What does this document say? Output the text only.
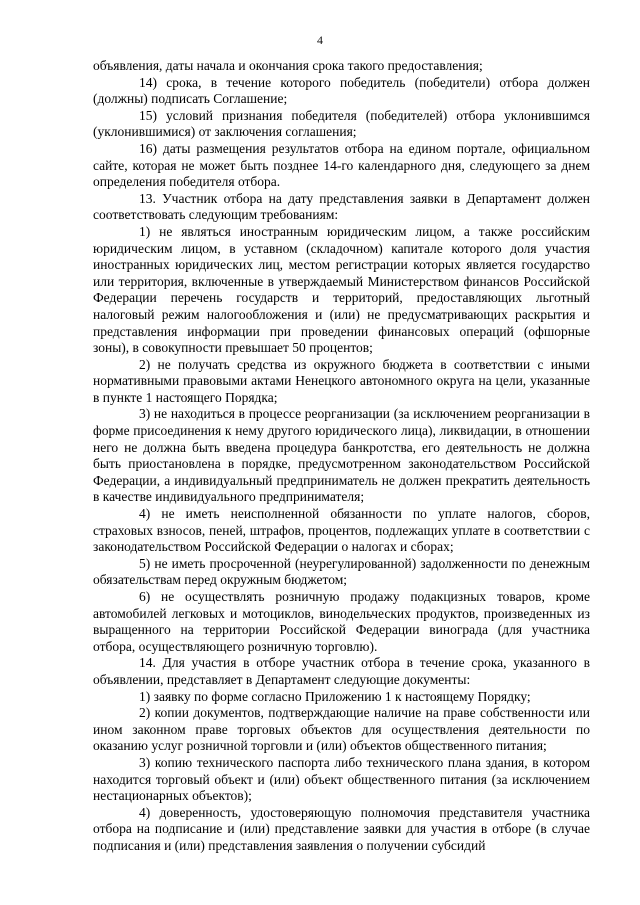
4

объявления, даты начала и окончания срока такого предоставления;

14) срока, в течение которого победитель (победители) отбора должен (должны) подписать Соглашение;

15) условий признания победителя (победителей) отбора уклонившимся (уклонившимися) от заключения соглашения;

16) даты размещения результатов отбора на едином портале, официальном сайте, которая не может быть позднее 14-го календарного дня, следующего за днем определения победителя отбора.

13. Участник отбора на дату представления заявки в Департамент должен соответствовать следующим требованиям:

1) не являться иностранным юридическим лицом, а также российским юридическим лицом, в уставном (складочном) капитале которого доля участия иностранных юридических лиц, местом регистрации которых является государство или территория, включенные в утверждаемый Министерством финансов Российской Федерации перечень государств и территорий, предоставляющих льготный налоговый режим налогообложения и (или) не предусматривающих раскрытия и представления информации при проведении финансовых операций (офшорные зоны), в совокупности превышает 50 процентов;

2) не получать средства из окружного бюджета в соответствии с иными нормативными правовыми актами Ненецкого автономного округа на цели, указанные в пункте 1 настоящего Порядка;

3) не находиться в процессе реорганизации (за исключением реорганизации в форме присоединения к нему другого юридического лица), ликвидации, в отношении него не должна быть введена процедура банкротства, его деятельность не должна быть приостановлена в порядке, предусмотренном законодательством Российской Федерации, а индивидуальный предприниматель не должен прекратить деятельность в качестве индивидуального предпринимателя;

4) не иметь неисполненной обязанности по уплате налогов, сборов, страховых взносов, пеней, штрафов, процентов, подлежащих уплате в соответствии с законодательством Российской Федерации о налогах и сборах;

5) не иметь просроченной (неурегулированной) задолженности по денежным обязательствам перед окружным бюджетом;

6) не осуществлять розничную продажу подакцизных товаров, кроме автомобилей легковых и мотоциклов, винодельческих продуктов, произведенных из выращенного на территории Российской Федерации винограда (для участника отбора, осуществляющего розничную торговлю).

14. Для участия в отборе участник отбора в течение срока, указанного в объявлении, представляет в Департамент следующие документы:

1) заявку по форме согласно Приложению 1 к настоящему Порядку;

2) копии документов, подтверждающие наличие на праве собственности или ином законном праве торговых объектов для осуществления деятельности по оказанию услуг розничной торговли и (или) объектов общественного питания;

3) копию технического паспорта либо технического плана здания, в котором находится торговый объект и (или) объект общественного питания (за исключением нестационарных объектов);

4) доверенность, удостоверяющую полномочия представителя участника отбора на подписание и (или) представление заявки для участия в отборе (в случае подписания и (или) представления заявления о получении субсидий
